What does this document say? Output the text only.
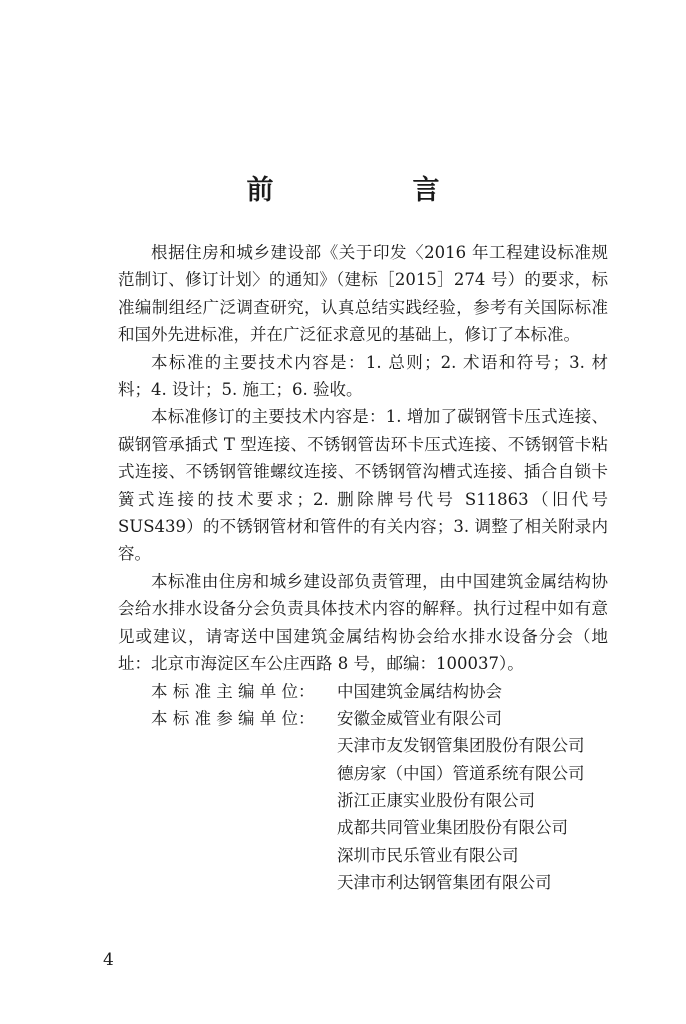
前　言

根据住房和城乡建设部《关于印发〈2016 年工程建设标准规范制订、修订计划〉的通知》（建标［2015］274 号）的要求，标准编制组经广泛调查研究，认真总结实践经验，参考有关国际标准和国外先进标准，并在广泛征求意见的基础上，修订了本标准。

本标准的主要技术内容是：1. 总则；2. 术语和符号；3. 材料；4. 设计；5. 施工；6. 验收。

本标准修订的主要技术内容是：1. 增加了碳钢管卡压式连接、碳钢管承插式 T 型连接、不锈钢管齿环卡压式连接、不锈钢管卡粘式连接、不锈钢管锥螺纹连接、不锈钢管沟槽式连接、插合自锁卡簧式连接的技术要求；2. 删除牌号代号 S11863（旧代号 SUS439）的不锈钢管材和管件的有关内容；3. 调整了相关附录内容。

本标准由住房和城乡建设部负责管理，由中国建筑金属结构协会给水排水设备分会负责具体技术内容的解释。执行过程中如有意见或建议，请寄送中国建筑金属结构协会给水排水设备分会（地址：北京市海淀区车公庄西路 8 号，邮编：100037）。

本 标 准 主 编 单 位：	中国建筑金属结构协会
本 标 准 参 编 单 位：	安徽金威管业有限公司
天津市友发钢管集团股份有限公司
德房家（中国）管道系统有限公司
浙江正康实业股份有限公司
成都共同管业集团股份有限公司
深圳市民乐管业有限公司
天津市利达钢管集团有限公司
4
